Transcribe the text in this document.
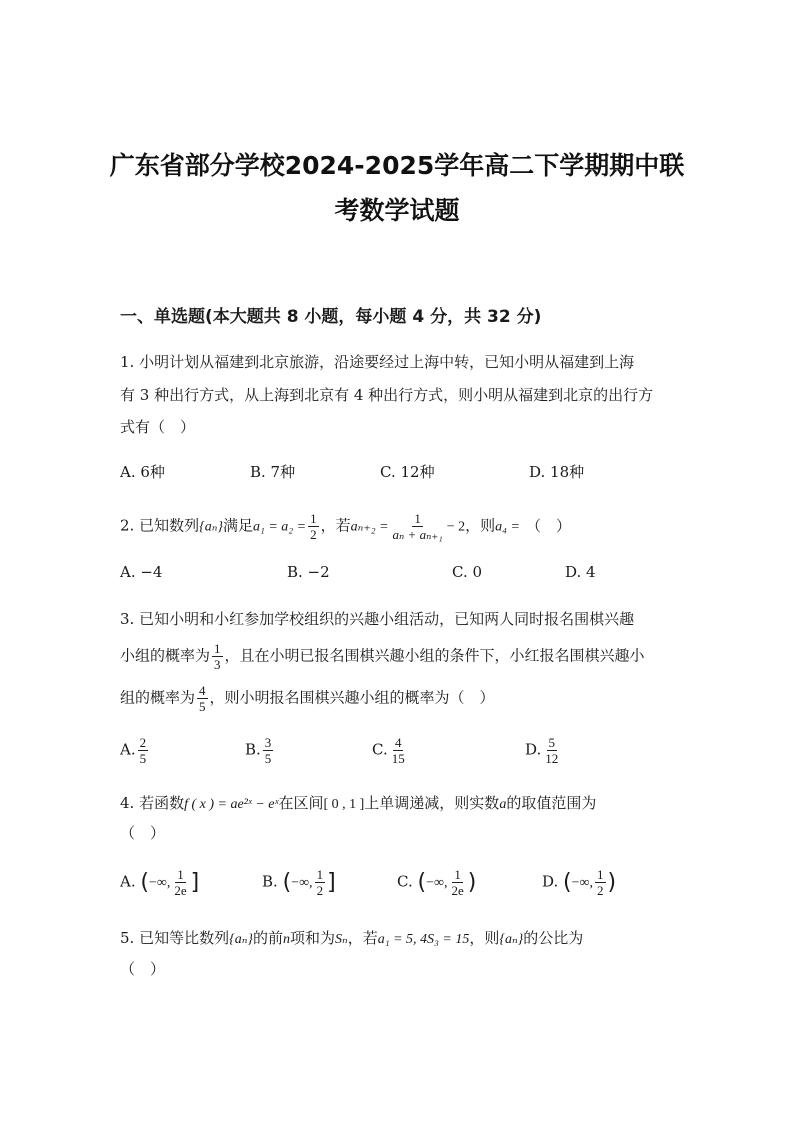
广东省部分学校2024-2025学年高二下学期期中联
考数学试题
一、单选题(本大题共 8 小题，每小题 4 分，共 32 分)
1. 小明计划从福建到北京旅游，沿途要经过上海中转，已知小明从福建到上海
有 3 种出行方式，从上海到北京有 4 种出行方式，则小明从福建到北京的出行方
式有（　）
A. 6种	B. 7种	C. 12种	D. 18种
2. 已知数列{aₙ}满足$a_1 = a_2 = \frac{1}{2}$ ，若$a_{n+2} = \frac{1}{\text{aₙ + aₙ₊₁}} - 2$，则a₄ = （　）
A. −4	B. −2	C. 0	D. 4
3. 已知小明和小红参加学校组织的兴趣小组活动，已知两人同时报名围棋兴趣
小组的概率为 $\frac{1}{3}$ ，且在小明已报名围棋兴趣小组的条件下，小红报名围棋兴趣小
组的概率为 $\frac{4}{5}$ ，则小明报名围棋兴趣小组的概率为（　）
A. $\frac{2}{5}$	B. $\frac{3}{5}$	C. $\frac{4}{15}$	D. $\frac{5}{12}$
4. 若函数f ( x ) = ae²ˣ − eˣ在区间[ 0 , 1 ]上单调递减，则实数a的取值范围为
（　）
A. (−∞, $\frac{1}{2e}$ ]	B. (−∞, $\frac{1}{2}$ ]	C. (−∞, $\frac{1}{2e}$ )	D. (−∞, $\frac{1}{2}$ )
5. 已知等比数列{aₙ}的前n项和为Sₙ，若a₁ = 5, 4S₃ = 15，则{aₙ}的公比为
（　）
